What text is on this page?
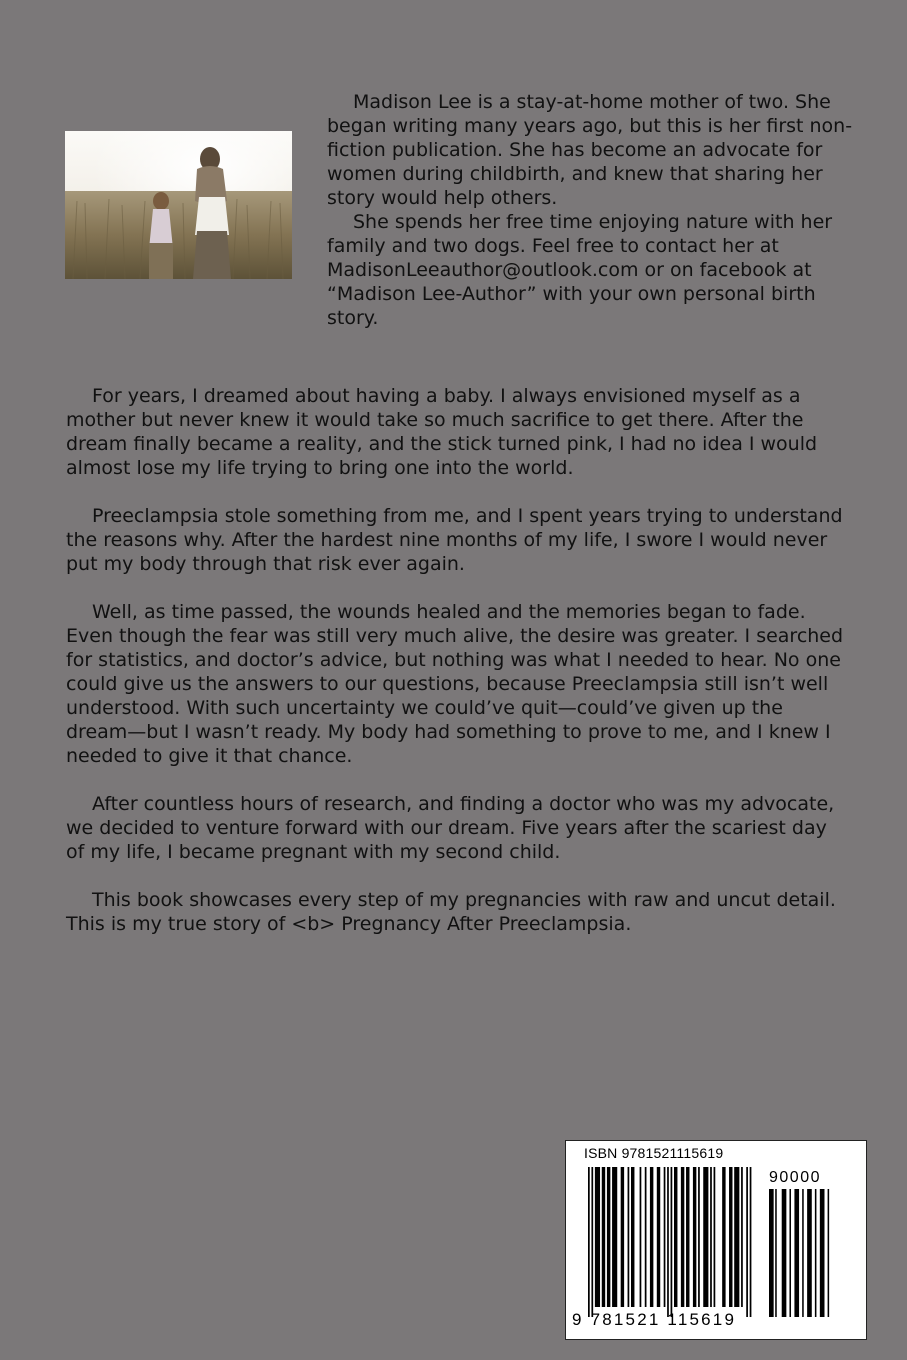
Madison Lee is a stay-at-home mother of two. She began writing many years ago, but this is her first non-fiction publication. She has become an advocate for women during childbirth, and knew that sharing her story would help others.

She spends her free time enjoying nature with her family and two dogs. Feel free to contact her at MadisonLeeauthor@outlook.com or on facebook at “Madison Lee-Author” with your own personal birth story.

For years, I dreamed about having a baby. I always envisioned myself as a mother but never knew it would take so much sacrifice to get there. After the dream finally became a reality, and the stick turned pink, I had no idea I would almost lose my life trying to bring one into the world.

Preeclampsia stole something from me, and I spent years trying to understand the reasons why. After the hardest nine months of my life, I swore I would never put my body through that risk ever again.

Well, as time passed, the wounds healed and the memories began to fade. Even though the fear was still very much alive, the desire was greater. I searched for statistics, and doctor’s advice, but nothing was what I needed to hear. No one could give us the answers to our questions, because Preeclampsia still isn’t well understood. With such uncertainty we could’ve quit—could’ve given up the dream—but I wasn’t ready. My body had something to prove to me, and I knew I needed to give it that chance.

After countless hours of research, and finding a doctor who was my advocate, we decided to venture forward with our dream. Five years after the scariest day of my life, I became pregnant with my second child.

This book showcases every step of my pregnancies with raw and uncut detail. This is my true story of <b> Pregnancy After Preeclampsia.

ISBN 9781521115619
9 781521 115619
90000
